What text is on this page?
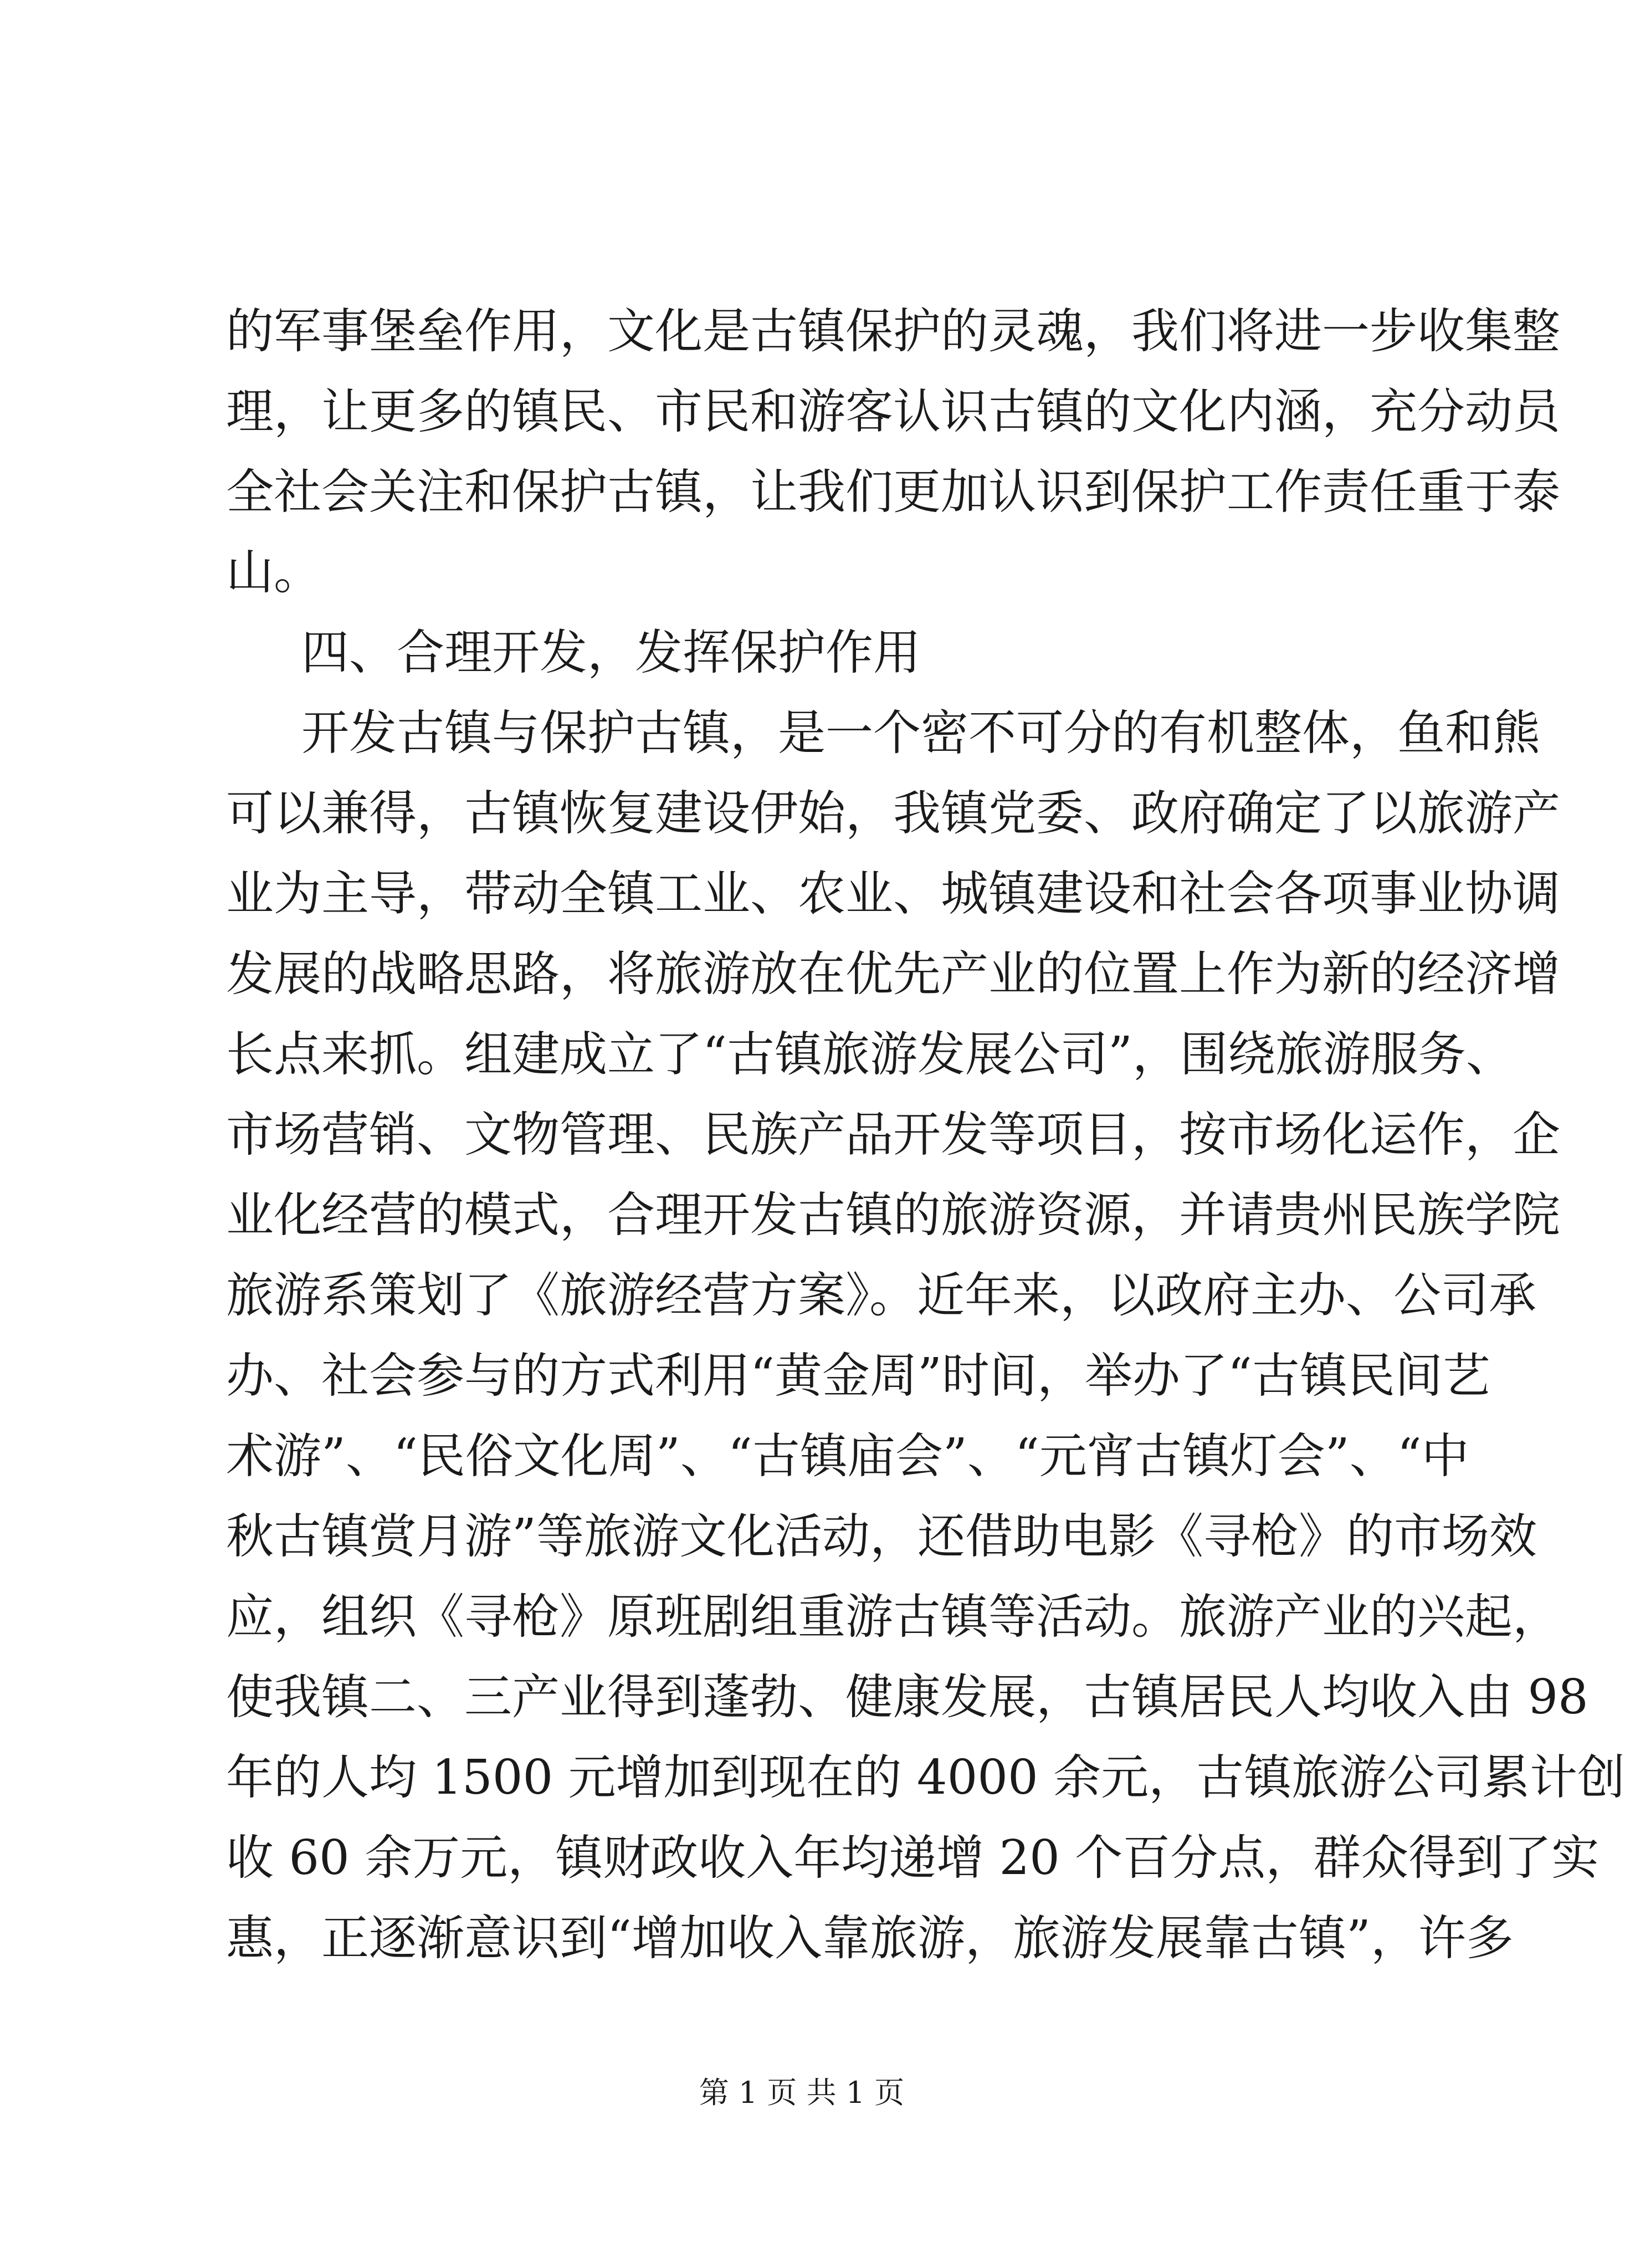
的军事堡垒作用，文化是古镇保护的灵魂，我们将进一步收集整
理，让更多的镇民、市民和游客认识古镇的文化内涵，充分动员
全社会关注和保护古镇，让我们更加认识到保护工作责任重于泰
山。
四、合理开发，发挥保护作用
开发古镇与保护古镇，是一个密不可分的有机整体，鱼和熊
可以兼得，古镇恢复建设伊始，我镇党委、政府确定了以旅游产
业为主导，带动全镇工业、农业、城镇建设和社会各项事业协调
发展的战略思路，将旅游放在优先产业的位置上作为新的经济增
长点来抓。组建成立了“古镇旅游发展公司”，围绕旅游服务、
市场营销、文物管理、民族产品开发等项目，按市场化运作，企
业化经营的模式，合理开发古镇的旅游资源，并请贵州民族学院
旅游系策划了《旅游经营方案》。近年来，以政府主办、公司承
办、社会参与的方式利用“黄金周”时间，举办了“古镇民间艺
术游”、“民俗文化周”、“古镇庙会”、“元宵古镇灯会”、“中
秋古镇赏月游”等旅游文化活动，还借助电影《寻枪》的市场效
应，组织《寻枪》原班剧组重游古镇等活动。旅游产业的兴起，
使我镇二、三产业得到蓬勃、健康发展，古镇居民人均收入由 98
年的人均 1500 元增加到现在的 4000 余元，古镇旅游公司累计创
收 60 余万元，镇财政收入年均递增 20 个百分点，群众得到了实
惠，正逐渐意识到“增加收入靠旅游，旅游发展靠古镇”，许多
第 1 页 共 1 页
